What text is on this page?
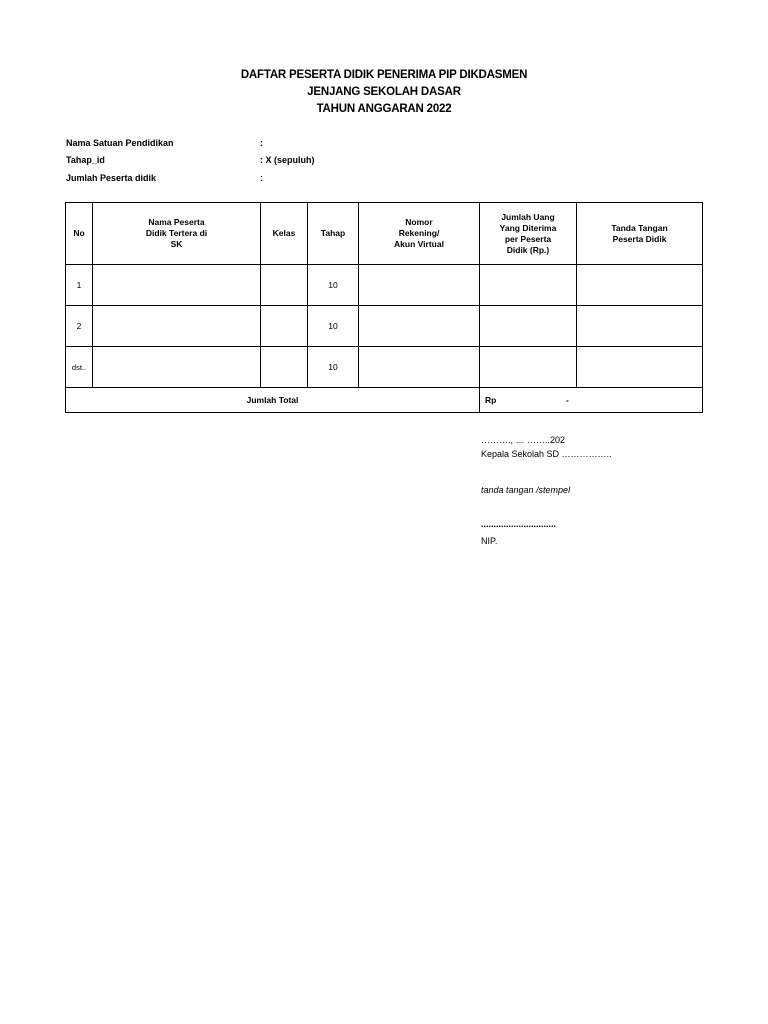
DAFTAR PESERTA DIDIK PENERIMA PIP DIKDASMEN
JENJANG SEKOLAH DASAR
TAHUN ANGGARAN 2022
Nama Satuan Pendidikan	:
Tahap_id	: X (sepuluh)
Jumlah Peserta didik	:
No	Nama Peserta
Didik Tertera di
SK	Kelas	Tahap	Nomor
Rekening/
Akun Virtual	Jumlah Uang
Yang Diterima
per Peserta
Didik (Rp.)	Tanda Tangan
Peserta Didik
1			10			
2			10			
dst..			10			
Jumlah Total					Rp -	
………., … ……..202
Kepala Sekolah SD ……………..
tanda tangan /stempel
..............................
NIP.
